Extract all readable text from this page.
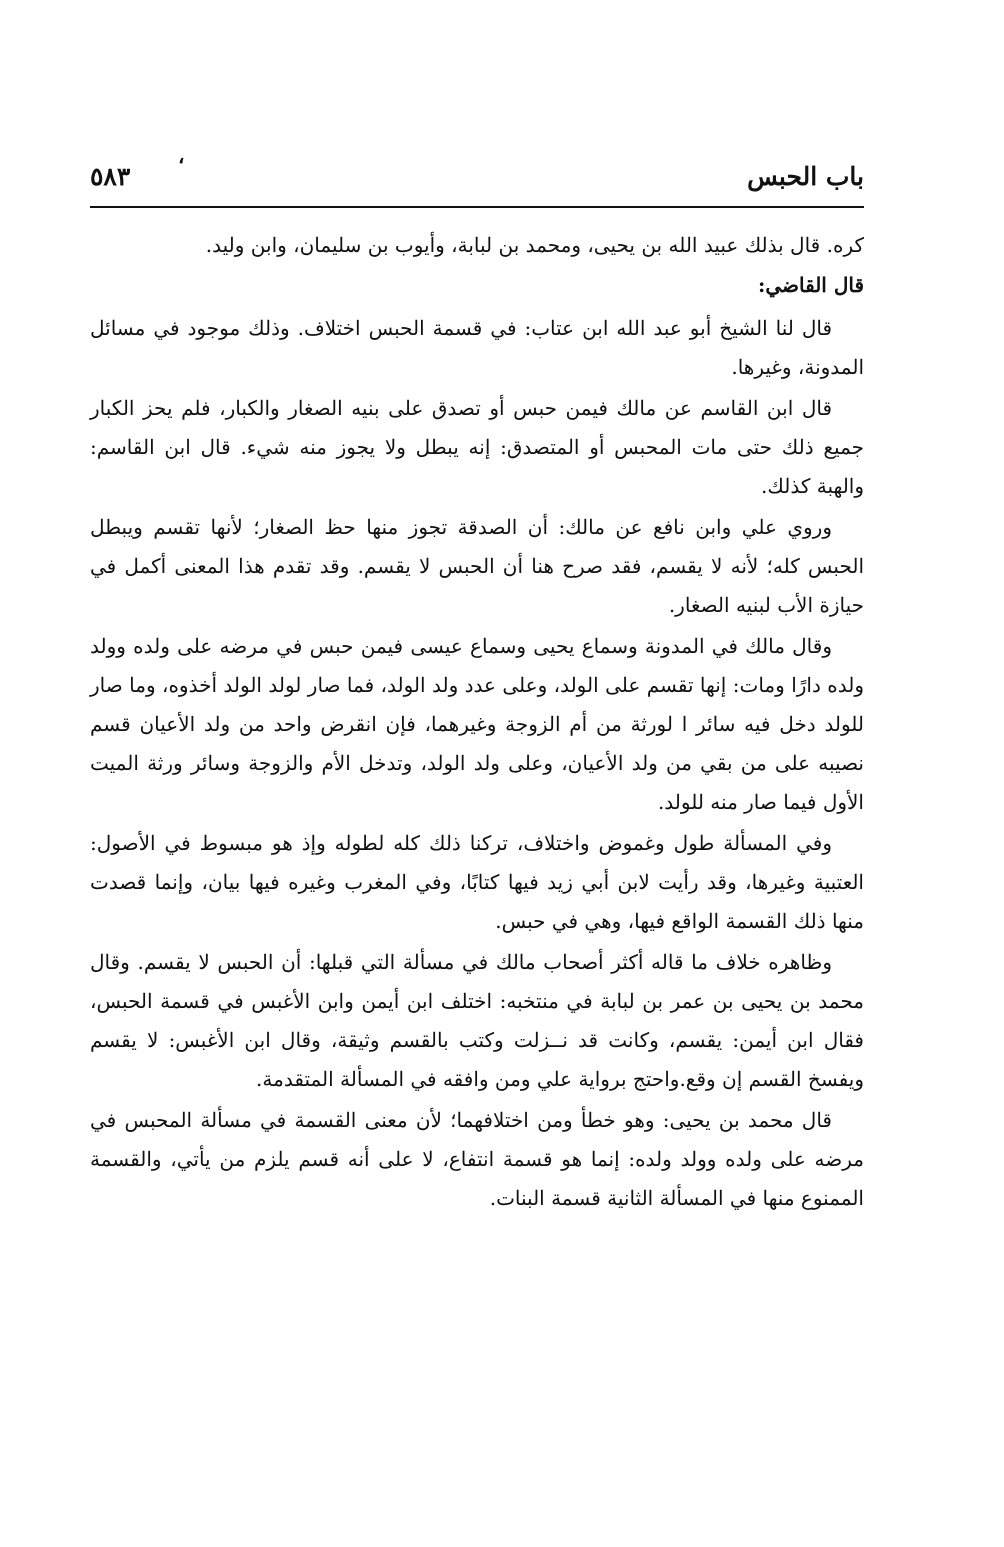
باب الحبس
،
٥٨٣

كره. قال بذلك عبيد الله بن يحيى، ومحمد بن لبابة، وأيوب بن سليمان، وابن وليد.

قال القاضي:

قال لنا الشيخ أبو عبد الله ابن عتاب: في قسمة الحبس اختلاف. وذلك موجود في مسائل المدونة، وغيرها.

قال ابن القاسم عن مالك فيمن حبس أو تصدق على بنيه الصغار والكبار، فلم يحز الكبار جميع ذلك حتى مات المحبس أو المتصدق: إنه يبطل ولا يجوز منه شيء. قال ابن القاسم: والهبة كذلك.

وروي علي وابن نافع عن مالك: أن الصدقة تجوز منها حظ الصغار؛ لأنها تقسم ويبطل الحبس كله؛ لأنه لا يقسم، فقد صرح هنا أن الحبس لا يقسم. وقد تقدم هذا المعنى أكمل في حيازة الأب لبنيه الصغار.

وقال مالك في المدونة وسماع يحيى وسماع عيسى فيمن حبس في مرضه على ولده وولد ولده دارًا ومات: إنها تقسم على الولد، وعلى عدد ولد الولد، فما صار لولد الولد أخذوه، وما صار للولد دخل فيه سائر ا لورثة من أم الزوجة وغيرهما، فإن انقرض واحد من ولد الأعيان قسم نصيبه على من بقي من ولد الأعيان، وعلى ولد الولد، وتدخل الأم والزوجة وسائر ورثة الميت الأول فيما صار منه للولد.

وفي المسألة طول وغموض واختلاف، تركنا ذلك كله لطوله وإذ هو مبسوط في الأصول: العتبية وغيرها، وقد رأيت لابن أبي زيد فيها كتابًا، وفي المغرب وغيره فيها بيان، وإنما قصدت منها ذلك القسمة الواقع فيها، وهي في حبس.

وظاهره خلاف ما قاله أكثر أصحاب مالك في مسألة التي قبلها: أن الحبس لا يقسم. وقال محمد بن يحيى بن عمر بن لبابة في منتخبه: اختلف ابن أيمن وابن الأغبس في قسمة الحبس، فقال ابن أيمن: يقسم، وكانت قد نــزلت وكتب بالقسم وثيقة، وقال ابن الأغبس: لا يقسم ويفسخ القسم إن وقع.واحتج برواية علي ومن وافقه في المسألة المتقدمة.

قال محمد بن يحيى: وهو خطأ ومن اختلافهما؛ لأن معنى القسمة في مسألة المحبس في مرضه على ولده وولد ولده: إنما هو قسمة انتفاع، لا على أنه قسم يلزم من يأتي، والقسمة الممنوع منها في المسألة الثانية قسمة البنات.
